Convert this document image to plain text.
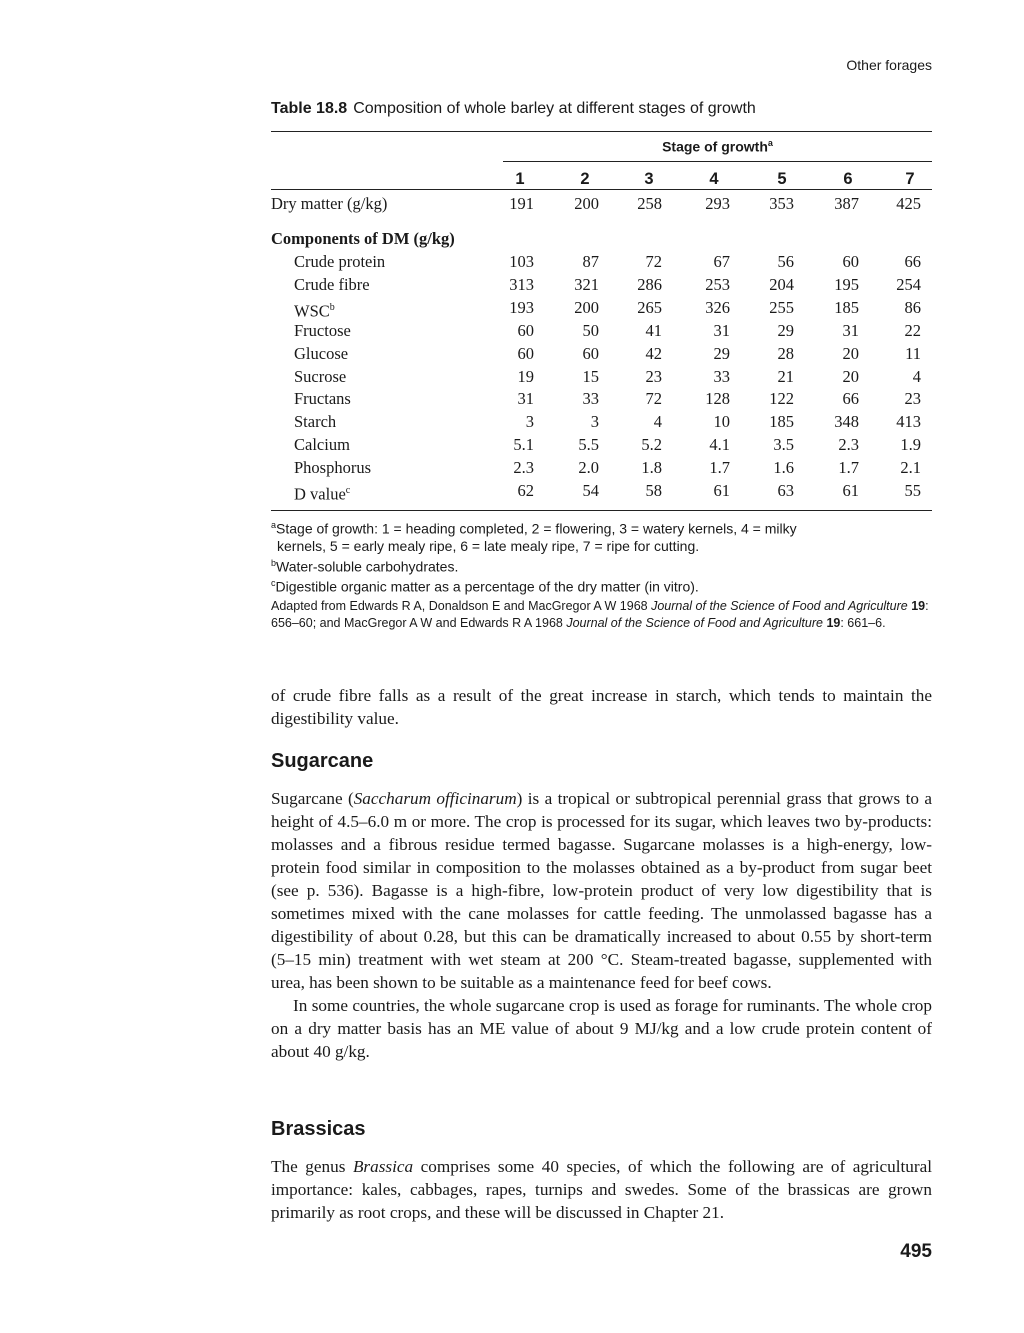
Other forages
Table 18.8 Composition of whole barley at different stages of growth
Stage of growth$^a$
1	2	3	4	5	6	7
Dry matter (g/kg)	191	200	258	293	353	387	425
Components of DM (g/kg)
Crude protein	103	87	72	67	56	60	66
Crude fibre	313	321	286	253	204	195	254
WSC$^b$	193	200	265	326	255	185	86
Fructose	60	50	41	31	29	31	22
Glucose	60	60	42	29	28	20	11
Sucrose	19	15	23	33	21	20	4
Fructans	31	33	72	128	122	66	23
Starch	3	3	4	10	185	348	413
Calcium	5.1	5.5	5.2	4.1	3.5	2.3	1.9
Phosphorus	2.3	2.0	1.8	1.7	1.6	1.7	2.1
D value$^c$	62	54	58	61	63	61	55

$^a$Stage of growth: 1 = heading completed, 2 = flowering, 3 = watery kernels, 4 = milky

kernels, 5 = early mealy ripe, 6 = late mealy ripe, 7 = ripe for cutting.

$^b$Water-soluble carbohydrates.

$^c$Digestible organic matter as a percentage of the dry matter (in vitro).

Adapted from Edwards R A, Donaldson E and MacGregor A W 1968 Journal of the Science of Food and Agriculture 19: 656–60; and MacGregor A W and Edwards R A 1968 Journal of the Science of Food and Agriculture 19: 661–6.

of crude fibre falls as a result of the great increase in starch, which tends to maintain the digestibility value.

Sugarcane

Sugarcane (Saccharum officinarum) is a tropical or subtropical perennial grass that grows to a height of 4.5–6.0 m or more. The crop is processed for its sugar, which leaves two by-products: molasses and a fibrous residue termed bagasse. Sugarcane molasses is a high-energy, low-protein food similar in composition to the molasses obtained as a by-product from sugar beet (see p. 536). Bagasse is a high-fibre, low-protein product of very low digestibility that is sometimes mixed with the cane molasses for cattle feeding. The unmolassed bagasse has a digestibility of about 0.28, but this can be dramatically increased to about 0.55 by short-term (5–15 min) treatment with wet steam at 200 °C. Steam-treated bagasse, supplemented with urea, has been shown to be suitable as a maintenance feed for beef cows.

In some countries, the whole sugarcane crop is used as forage for ruminants. The whole crop on a dry matter basis has an ME value of about 9 MJ/kg and a low crude protein content of about 40 g/kg.

Brassicas

The genus Brassica comprises some 40 species, of which the following are of agricultural importance: kales, cabbages, rapes, turnips and swedes. Some of the brassicas are grown primarily as root crops, and these will be discussed in Chapter 21.

495
